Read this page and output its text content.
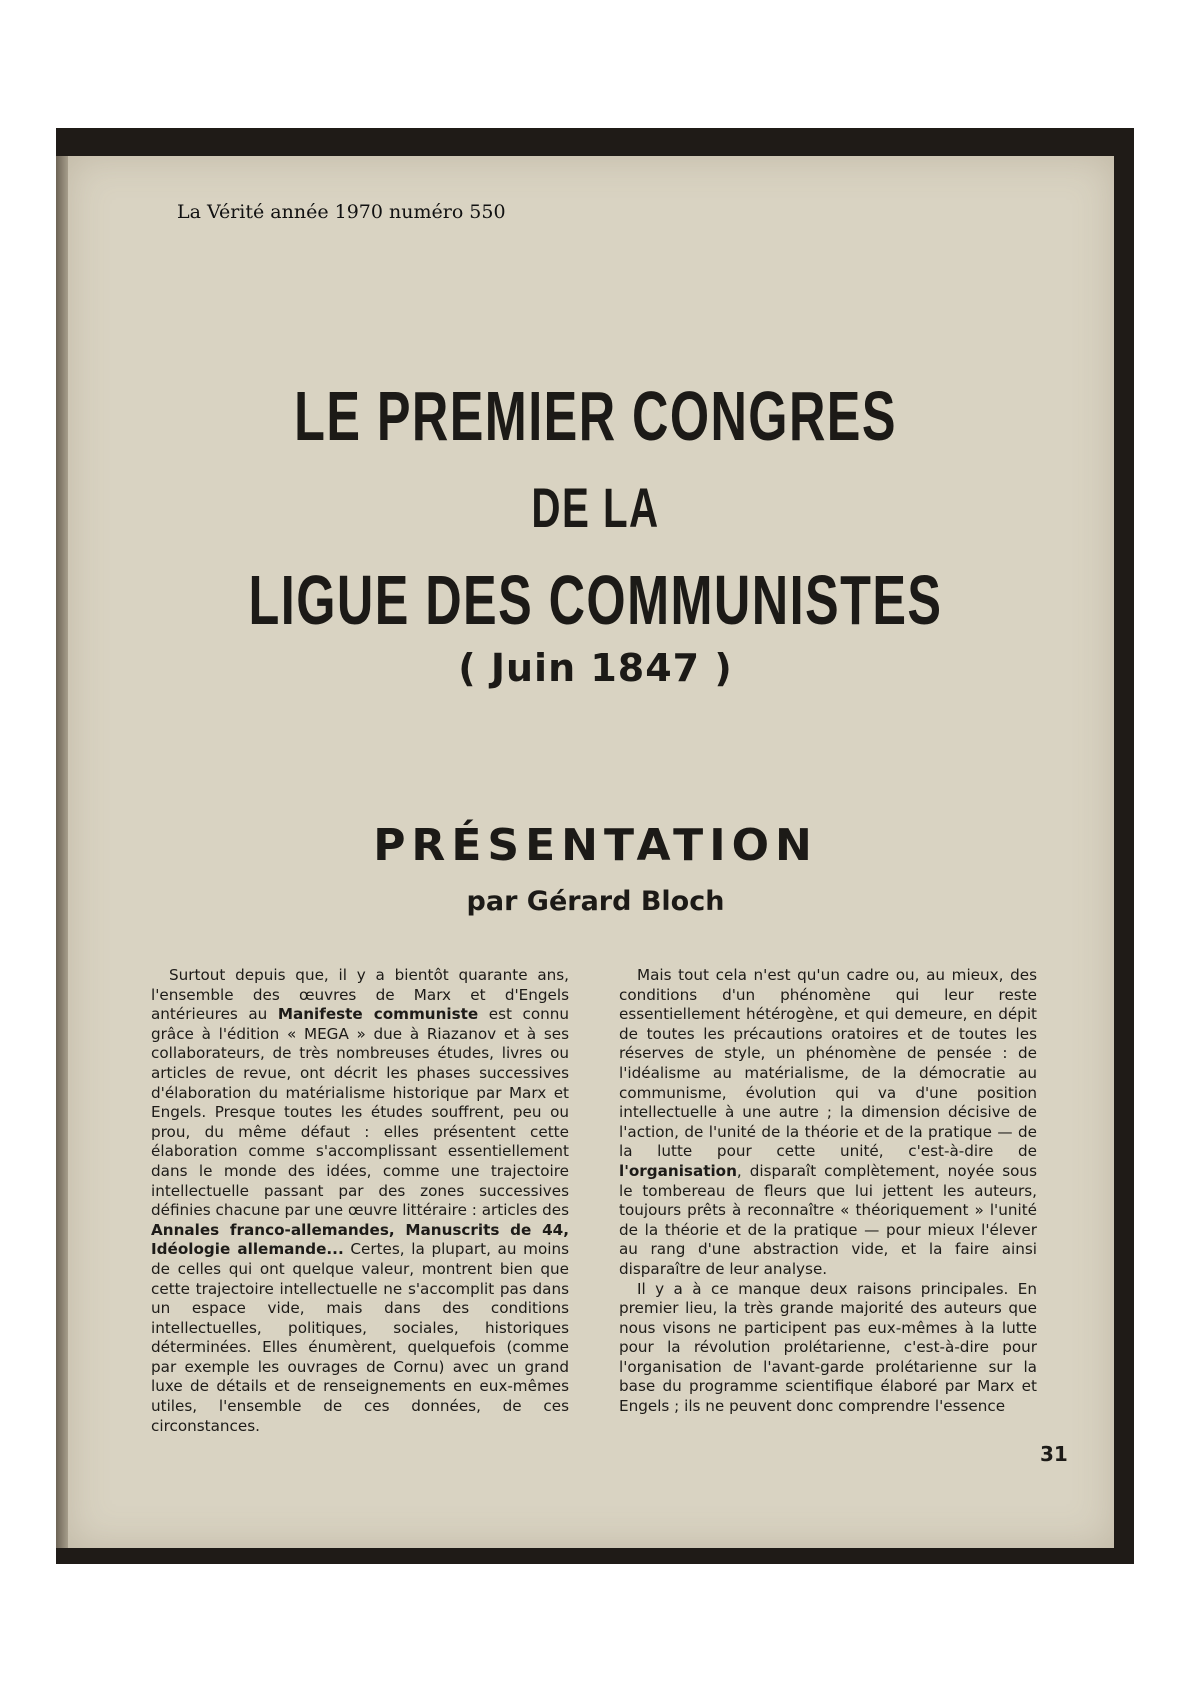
La Vérité année 1970 numéro 550
LE PREMIER CONGRES
DE LA
LIGUE DES COMMUNISTES
( Juin 1847 )
PRÉSENTATION
par Gérard Bloch

Surtout depuis que, il y a bientôt quarante ans, l'ensemble des œuvres de Marx et d'Engels antérieures au Manifeste communiste est connu grâce à l'édition « MEGA » due à Riazanov et à ses collaborateurs, de très nombreuses études, livres ou articles de revue, ont décrit les phases successives d'élaboration du matérialisme historique par Marx et Engels. Presque toutes les études souffrent, peu ou prou, du même défaut : elles présentent cette élaboration comme s'accomplissant essentiellement dans le monde des idées, comme une trajectoire intellectuelle passant par des zones successives définies chacune par une œuvre littéraire : articles des Annales franco-allemandes, Manuscrits de 44, Idéologie allemande... Certes, la plupart, au moins de celles qui ont quelque valeur, montrent bien que cette trajectoire intellectuelle ne s'accomplit pas dans un espace vide, mais dans des conditions intellectuelles, politiques, sociales, historiques déterminées. Elles énumèrent, quelquefois (comme par exemple les ouvrages de Cornu) avec un grand luxe de détails et de renseignements en eux-mêmes utiles, l'ensemble de ces données, de ces circonstances.

Mais tout cela n'est qu'un cadre ou, au mieux, des conditions d'un phénomène qui leur reste essentiellement hétérogène, et qui demeure, en dépit de toutes les précautions oratoires et de toutes les réserves de style, un phénomène de pensée : de l'idéalisme au matérialisme, de la démocratie au communisme, évolution qui va d'une position intellectuelle à une autre ; la dimension décisive de l'action, de l'unité de la théorie et de la pratique — de la lutte pour cette unité, c'est-à-dire de l'organisation, disparaît complètement, noyée sous le tombereau de fleurs que lui jettent les auteurs, toujours prêts à reconnaître « théoriquement » l'unité de la théorie et de la pratique — pour mieux l'élever au rang d'une abstraction vide, et la faire ainsi disparaître de leur analyse.

Il y a à ce manque deux raisons principales. En premier lieu, la très grande majorité des auteurs que nous visons ne participent pas eux-mêmes à la lutte pour la révolution prolétarienne, c'est-à-dire pour l'organisation de l'avant-garde prolétarienne sur la base du programme scientifique élaboré par Marx et Engels ; ils ne peuvent donc comprendre l'essence

31
